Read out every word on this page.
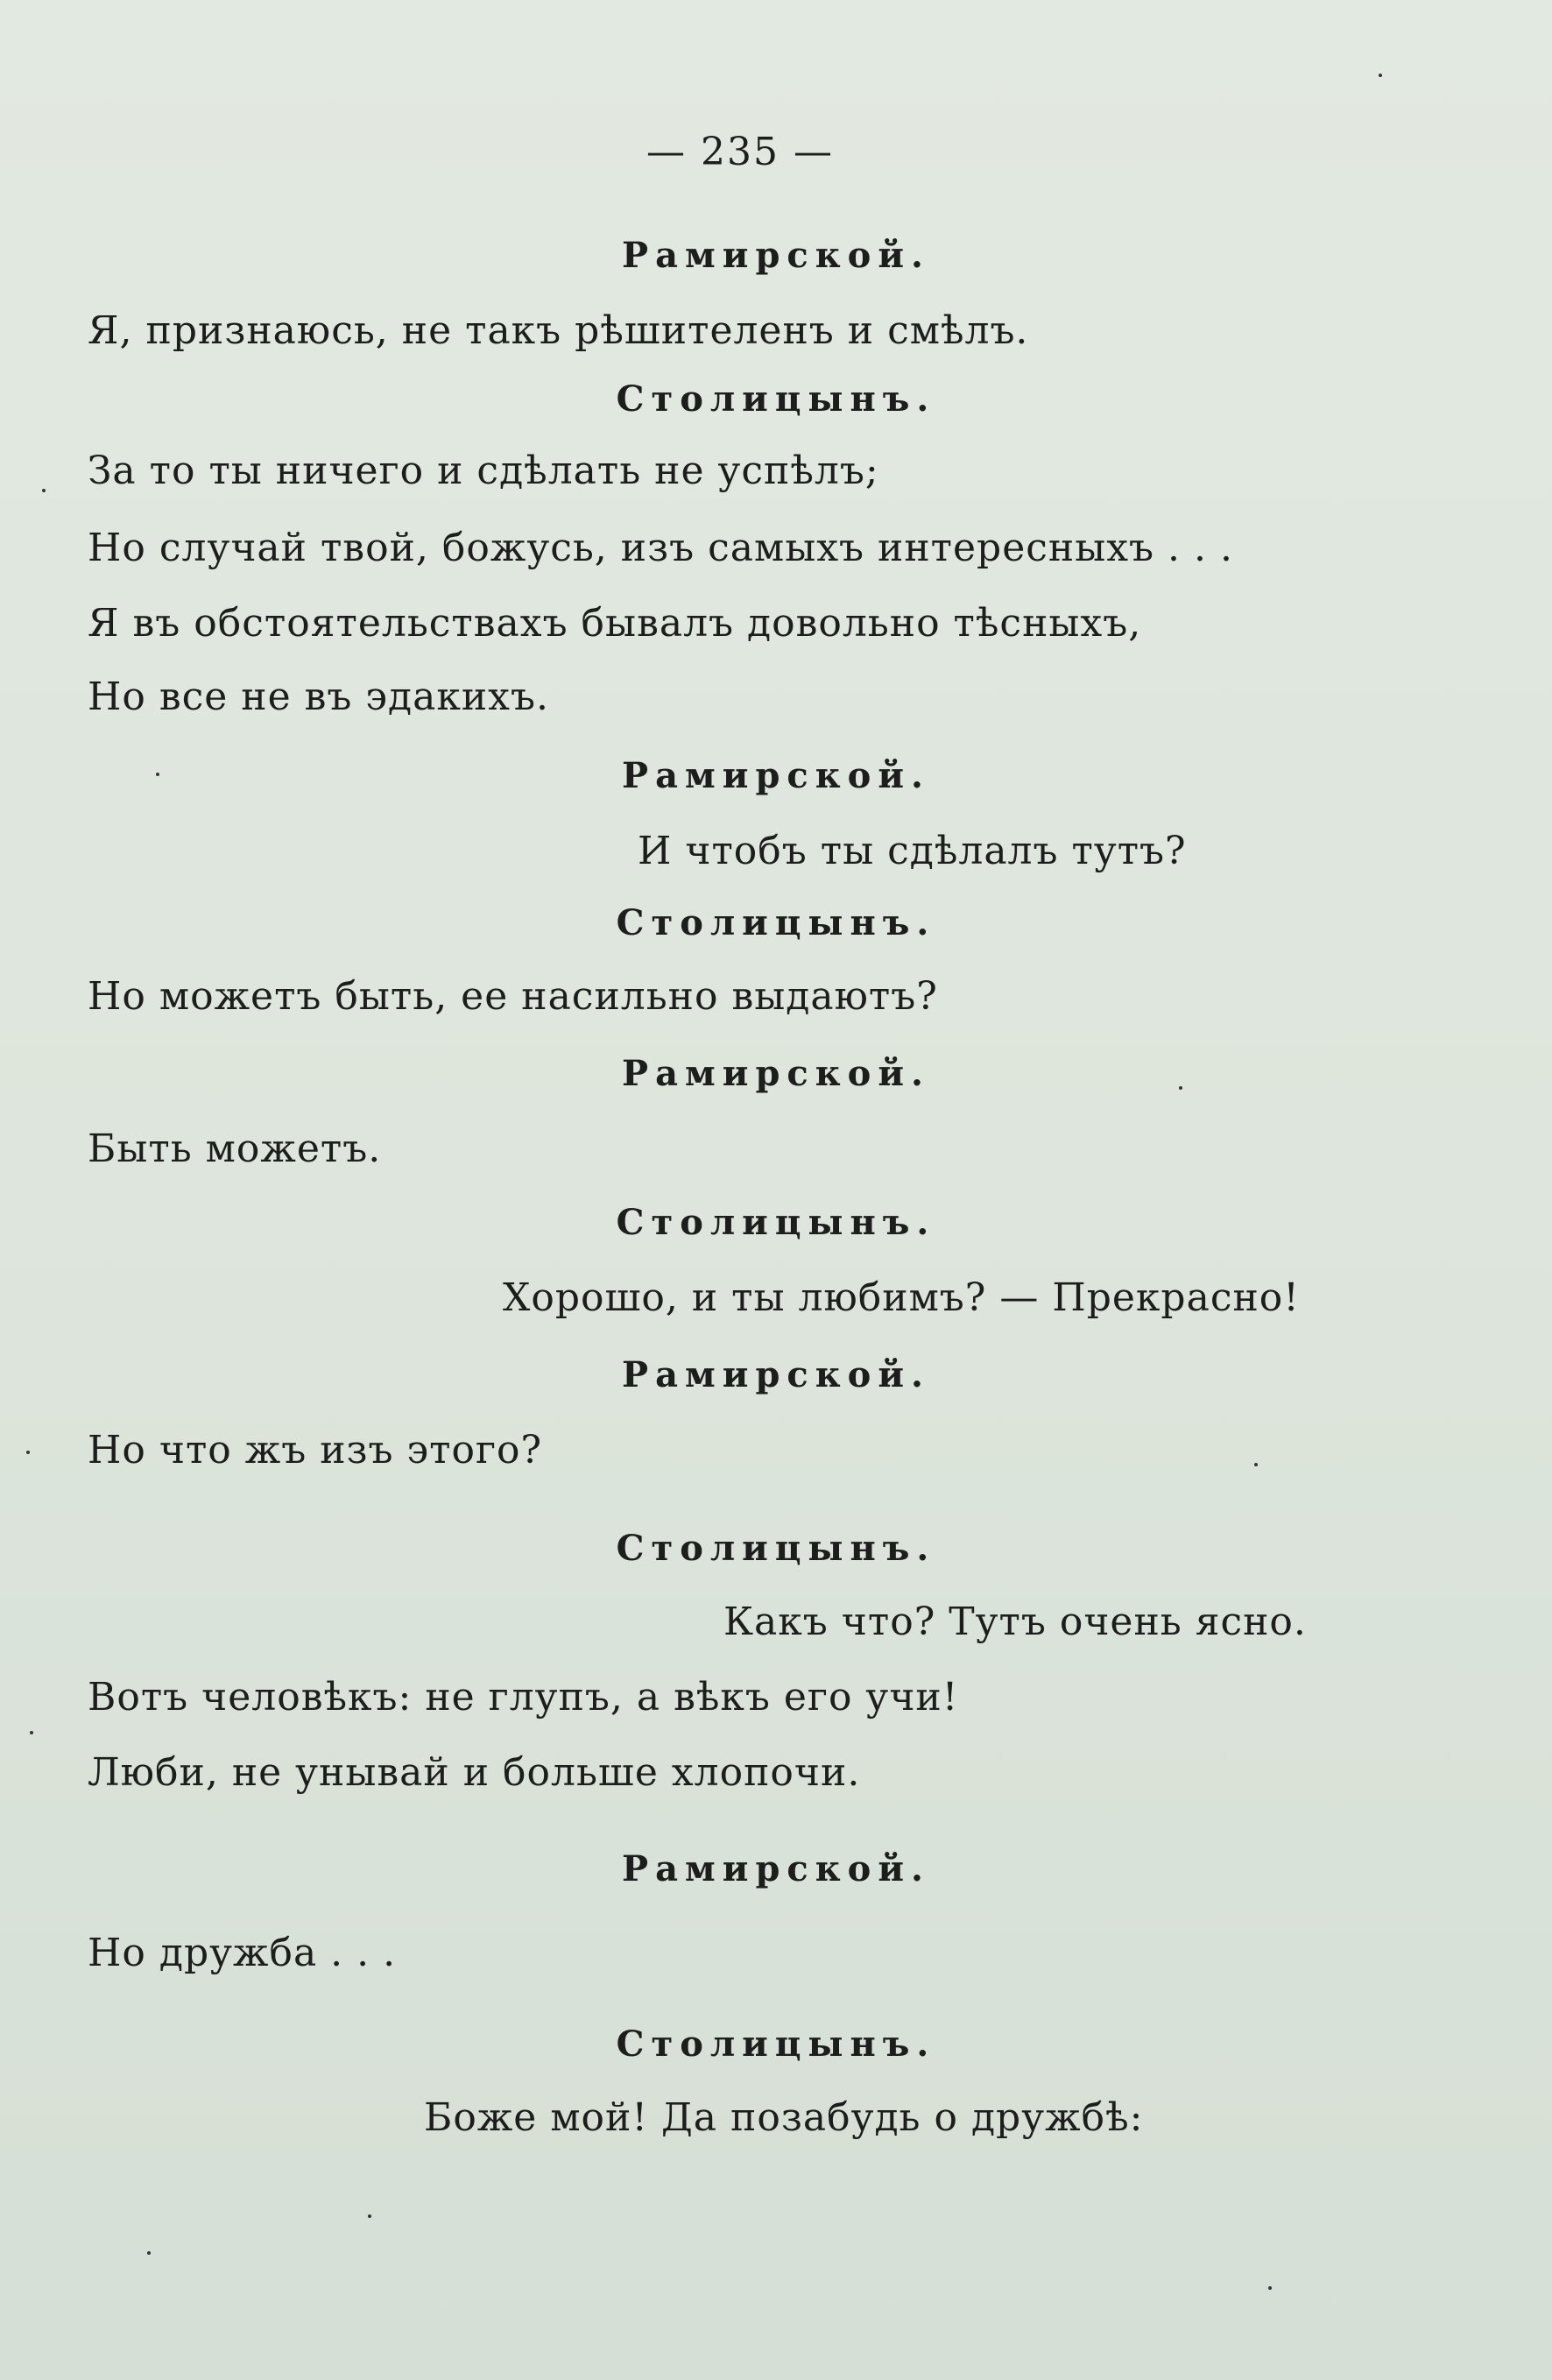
— 235 —
Рамирской.
Я, признаюсь, не такъ рѣшителенъ и смѣлъ.
Столицынъ.
За то ты ничего и сдѣлать не успѣлъ;
Но случай твой, божусь, изъ самыхъ интересныхъ . . .
Я въ обстоятельствахъ бывалъ довольно тѣсныхъ,
Но все не въ эдакихъ.
Рамирской.
И чтобъ ты сдѣлалъ тутъ?
Столицынъ.
Но можетъ быть, ее насильно выдаютъ?
Рамирской.
Быть можетъ.
Столицынъ.
Хорошо, и ты любимъ? — Прекрасно!
Рамирской.
Но что жъ изъ этого?
Столицынъ.
Какъ что? Тутъ очень ясно.
Вотъ человѣкъ: не глупъ, а вѣкъ его учи!
Люби, не унывай и больше хлопочи.
Рамирской.
Но дружба . . .
Столицынъ.
Боже мой! Да позабудь о дружбѣ:
